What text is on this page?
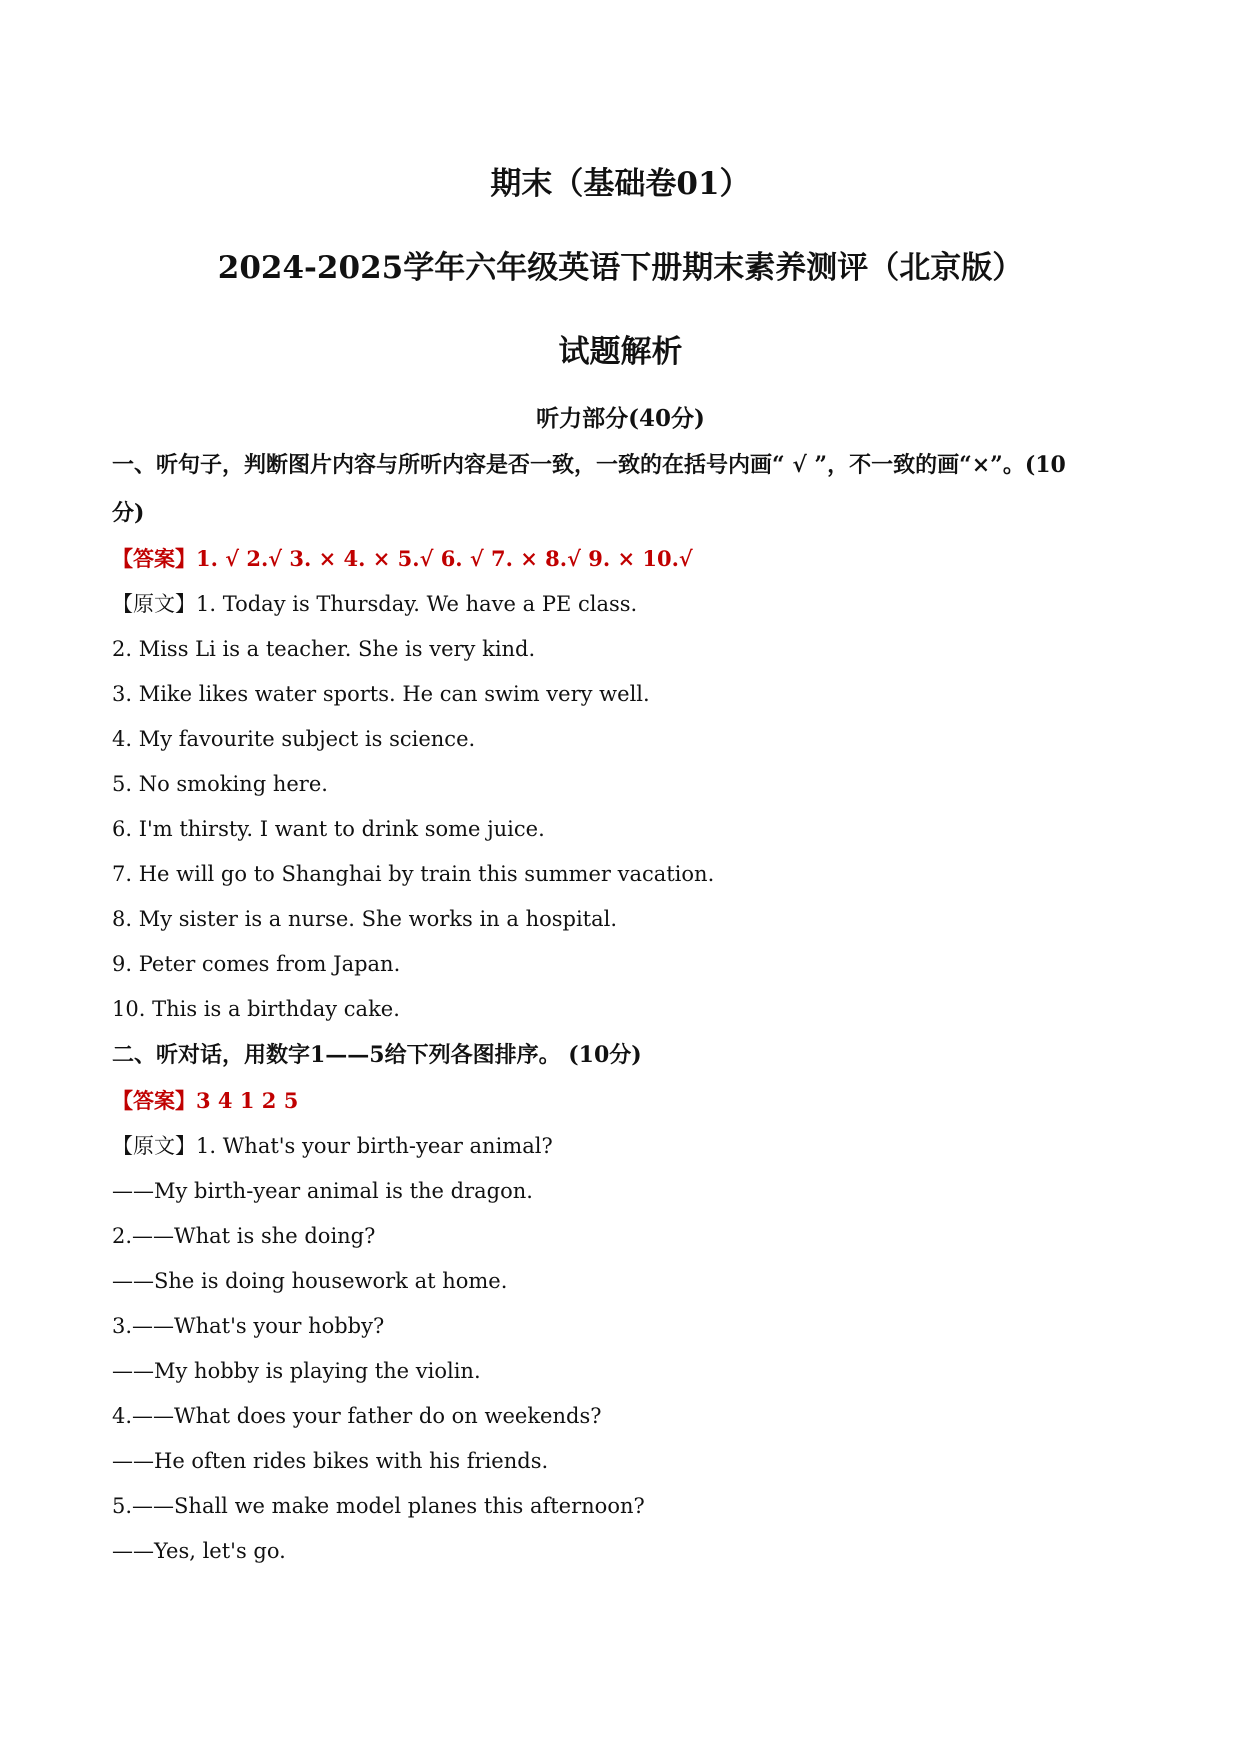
期末（基础卷01）

2024-2025学年六年级英语下册期末素养测评（北京版）

试题解析

听力部分(40分)

一、听句子，判断图片内容与所听内容是否一致，一致的在括号内画“ √ ”，不一致的画“×”。(10

分)

【答案】1. √ 2.√ 3. × 4. × 5.√ 6. √ 7. × 8.√ 9. × 10.√

【原文】1. Today is Thursday. We have a PE class.

2. Miss Li is a teacher. She is very kind.

3. Mike likes water sports. He can swim very well.

4. My favourite subject is science.

5. No smoking here.

6. I'm thirsty. I want to drink some juice.

7. He will go to Shanghai by train this summer vacation.

8. My sister is a nurse. She works in a hospital.

9. Peter comes from Japan.

10. This is a birthday cake.

二、听对话，用数字1——5给下列各图排序。 (10分)

【答案】3 4 1 2 5

【原文】1. What's your birth-year animal?

——My birth-year animal is the dragon.

2.——What is she doing?

——She is doing housework at home.

3.——What's your hobby?

——My hobby is playing the violin.

4.——What does your father do on weekends?

——He often rides bikes with his friends.

5.——Shall we make model planes this afternoon?

——Yes, let's go.
